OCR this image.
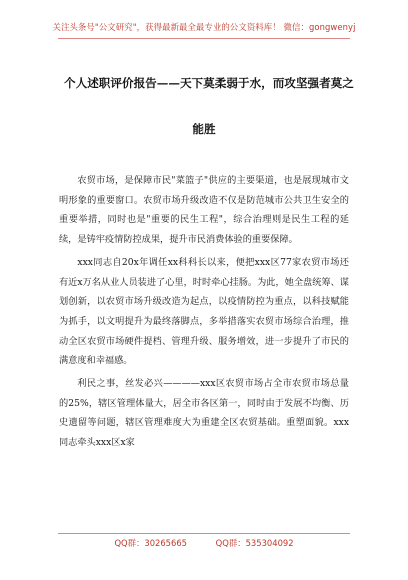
关注头条号"公文研究"，获得最新最全最专业的公文资料库！ 微信：gongwenyj
个人述职评价报告——天下莫柔弱于水，而攻坚强者莫之
能胜

农贸市场，是保障市民"菜篮子"供应的主要渠道，也是展现城市文明形象的重要窗口。农贸市场升级改造不仅是防范城市公共卫生安全的重要举措，同时也是"重要的民生工程"，综合治理则是民生工程的延续，是铸牢疫情防控成果，提升市民消费体验的重要保障。

xxx同志自20x年调任xx科科长以来，便把xxx区77家农贸市场还有近x万名从业人员装进了心里，时时牵心挂肠。为此，她全盘统筹、谋划创新，以农贸市场升级改造为起点，以疫情防控为重点，以科技赋能为抓手，以文明提升为最终落脚点，多举措落实农贸市场综合治理，推动全区农贸市场硬件提档、管理升级、服务增效，进一步提升了市民的满意度和幸福感。

利民之事，丝发必兴————xxx区农贸市场占全市农贸市场总量的25%，辖区管理体量大，居全市各区第一，同时由于发展不均衡、历史遗留等问题，辖区管理难度大为重建全区农贸基础。重塑面貌。xxx同志牵头xxx区x家

QQ群：30265665	QQ群：535304092
